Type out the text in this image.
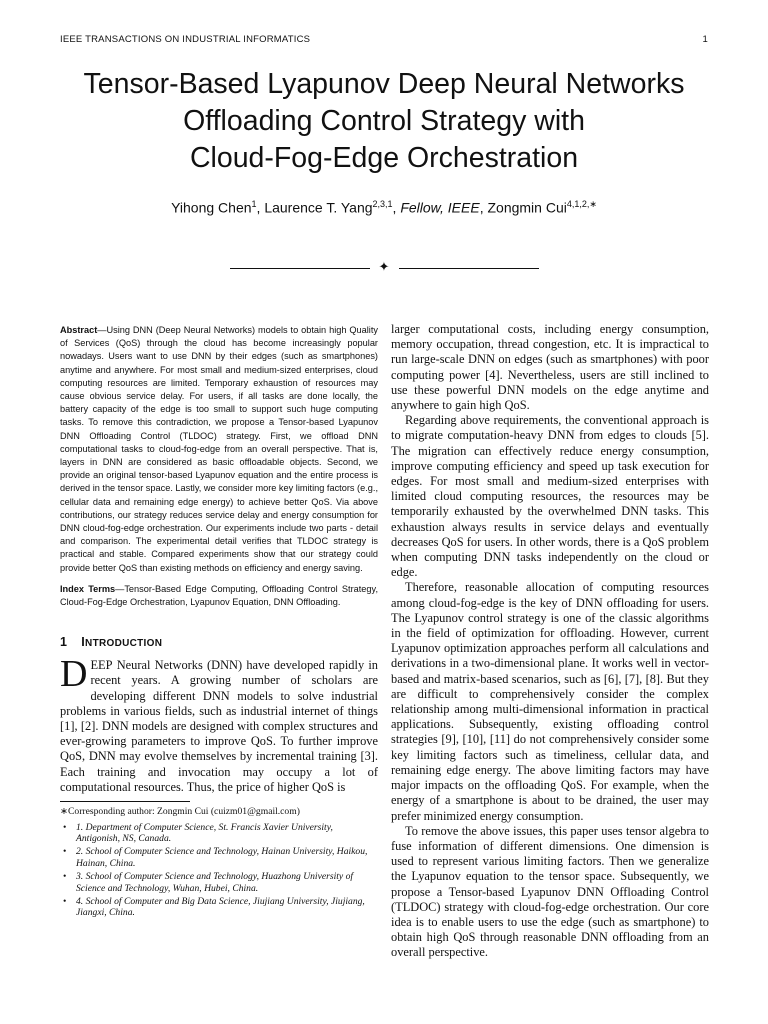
IEEE TRANSACTIONS ON INDUSTRIAL INFORMATICS	1
Tensor-Based Lyapunov Deep Neural Networks
Offloading Control Strategy with
Cloud-Fog-Edge Orchestration
Yihong Chen$^1$, Laurence T. Yang$^{2,3,1}$, Fellow, IEEE, Zongmin Cui$^{4,1,2,∗}$
✦

Abstract—Using DNN (Deep Neural Networks) models to obtain high Quality of Services (QoS) through the cloud has become increasingly popular nowadays. Users want to use DNN by their edges (such as smartphones) anytime and anywhere. For most small and medium-sized enterprises, cloud computing resources are limited. Temporary exhaustion of resources may cause obvious service delay. For users, if all tasks are done locally, the battery capacity of the edge is too small to support such huge computing tasks. To remove this contradiction, we propose a Tensor-based Lyapunov DNN Offloading Control (TLDOC) strategy. First, we offload DNN computational tasks to cloud-fog-edge from an overall perspective. That is, layers in DNN are considered as basic offloadable objects. Second, we provide an original tensor-based Lyapunov equation and the entire process is derived in the tensor space. Lastly, we consider more key limiting factors (e.g., cellular data and remaining edge energy) to achieve better QoS. Via above contributions, our strategy reduces service delay and energy consumption for DNN cloud-fog-edge orchestration. Our experiments include two parts - detail and comparison. The experimental detail verifies that TLDOC strategy is practical and stable. Compared experiments show that our strategy could provide better QoS than existing methods on efficiency and energy saving.

Index Terms—Tensor-Based Edge Computing, Offloading Control Strategy, Cloud-Fog-Edge Orchestration, Lyapunov Equation, DNN Offloading.

1 INTRODUCTION

DEEP Neural Networks (DNN) have developed rapidly in recent years. A growing number of scholars are developing different DNN models to solve industrial problems in various fields, such as industrial internet of things [1], [2]. DNN models are designed with complex structures and ever-growing parameters to improve QoS. To further improve QoS, DNN may evolve themselves by incremental training [3]. Each training and invocation may occupy a lot of computational resources. Thus, the price of higher QoS is

∗Corresponding author: Zongmin Cui (cuizm01@gmail.com)

• 1. Department of Computer Science, St. Francis Xavier University, Antigonish, NS, Canada.
• 2. School of Computer Science and Technology, Hainan University, Haikou, Hainan, China.
• 3. School of Computer Science and Technology, Huazhong University of Science and Technology, Wuhan, Hubei, China.
• 4. School of Computer and Big Data Science, Jiujiang University, Jiujiang, Jiangxi, China.

larger computational costs, including energy consumption, memory occupation, thread congestion, etc. It is impractical to run large-scale DNN on edges (such as smartphones) with poor computing power [4]. Nevertheless, users are still inclined to use these powerful DNN models on the edge anytime and anywhere to gain high QoS.

Regarding above requirements, the conventional approach is to migrate computation-heavy DNN from edges to clouds [5]. The migration can effectively reduce energy consumption, improve computing efficiency and speed up task execution for edges. For most small and medium-sized enterprises with limited cloud computing resources, the resources may be temporarily exhausted by the overwhelmed DNN tasks. This exhaustion always results in service delays and eventually decreases QoS for users. In other words, there is a QoS problem when computing DNN tasks independently on the cloud or edge.

Therefore, reasonable allocation of computing resources among cloud-fog-edge is the key of DNN offloading for users. The Lyapunov control strategy is one of the classic algorithms in the field of optimization for offloading. However, current Lyapunov optimization approaches perform all calculations and derivations in a two-dimensional plane. It works well in vector-based and matrix-based scenarios, such as [6], [7], [8]. But they are difficult to comprehensively consider the complex relationship among multi-dimensional information in practical applications. Subsequently, existing offloading control strategies [9], [10], [11] do not comprehensively consider some key limiting factors such as timeliness, cellular data, and remaining edge energy. The above limiting factors may have major impacts on the offloading QoS. For example, when the energy of a smartphone is about to be drained, the user may prefer minimized energy consumption.

To remove the above issues, this paper uses tensor algebra to fuse information of different dimensions. One dimension is used to represent various limiting factors. Then we generalize the Lyapunov equation to the tensor space. Subsequently, we propose a Tensor-based Lyapunov DNN Offloading Control (TLDOC) strategy with cloud-fog-edge orchestration. Our core idea is to enable users to use the edge (such as smartphone) to obtain high QoS through reasonable DNN offloading from an overall perspective.
